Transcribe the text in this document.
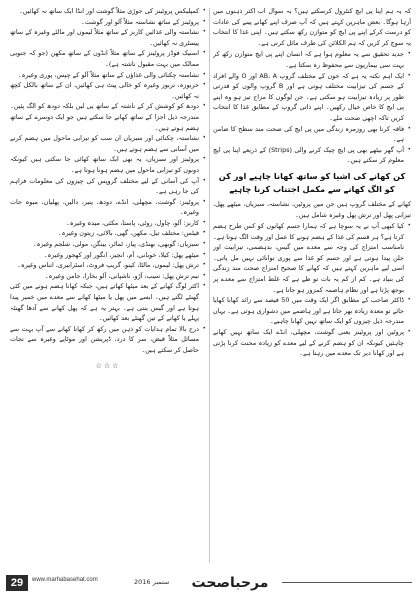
کہ یہ ہم اپنا پی ایچ کنٹرول کرسکتے ہیں؟ یہ سوال اب اکثر ذہنوں میں آرہا ہوگا۔ بعض ماہرین کہتے ہیں کہ آپ صرف اپنے کھانے پینے کی عادات کو درست کرکے اپنے پی ایچ کو متوازن رکھ سکتے ہیں۔ اپنی غذا کا انتخاب یہ سوچ کر کریں کہ ہم الکلائن کی طرف مائل کرتی ہے۔

• جدید تحقیق سے یہ معلوم ہوا ہے کہ انسان اپنے پی ایچ متوازن رکھ کر بہت سی بیماریوں سے محفوظ رہ سکتا ہے۔

• ایک اہم نکتہ یہ ہے کہ خون کے مختلف گروپ AB، A اور O والے افراد کے جسم کی تیزابیت مختلف ہوتی ہے اور B گروپ والوں کو قدرتی طور پر زیادہ تیزابیت ہو سکتی ہے۔ جن لوگوں کا مزاج تیز ہو وہ اپنے پی ایچ کا خاص خیال رکھیں۔ اپنے ذاتی گروپ کے مطابق غذا کا انتخاب کریں تاکہ اچھی صحت ملے۔

• فاقہ کرنا بھی روزمرہ زندگی میں پی ایچ کی صحت مند سطح کا ضامن ہے۔

• آپ گھر بیٹھے بھی پی ایچ چیک کرنے والی (Strips) کے ذریعے اپنا پی ایچ معلوم کر سکتے ہیں۔

کن کھانے کی اشیا کو ساتھ کھانا چاہیے اور کن کو الگ کھانے سے مکمل اجتناب کرنا چاہیے

کھانے کے مختلف گروپ ہیں جن میں پروٹین، نشاستہ، سبزیاں، میٹھے پھل، تیزابی پھل اور ترش پھل وغیرہ شامل ہیں۔

• کیا کبھی آپ نے یہ سوچا ہے کہ ہمارا جسم کھانوں کو کس طرح ہضم کرتا ہے؟ ہر قسم کی غذا کے ہضم ہونے کا عمل اور وقت الگ ہوتا ہے۔ نامناسب امتزاج کی وجہ سے معدے میں گیس، بدہضمی، تیزابیت اور جلن پیدا ہوتی ہے اور جسم کو غذا سے پوری توانائی نہیں مل پاتی۔ اسی لیے ماہرین کہتے ہیں کہ کھانے کا صحیح امتزاج صحت مند زندگی کی بنیاد ہے۔ کم از کم یہ بات تو طے ہے کہ غلط امتزاج سے معدے پر بوجھ پڑتا ہے اور نظام ہاضمہ کمزور ہو جاتا ہے۔

• ڈاکٹر صاحب کے مطابق اگر ایک وقت میں 50 فیصد سے زائد کھانا کھایا جائے تو معدہ زیادہ بھر جاتا ہے اور ہاضمے میں دشواری ہوتی ہے۔ یہاں مندرجہ ذیل چیزوں کو ایک ساتھ نہیں کھانا چاہیے۔

• پروٹین اور پروٹینز یعنی گوشت، مچھلی، انڈے ایک ساتھ نہیں کھانے چاہئیں کیونکہ ان کو ہضم کرنے کے لیے معدے کو زیادہ محنت کرنا پڑتی ہے اور کھانا دیر تک معدے میں رہتا ہے۔

• کمپلیکس پروٹینز کی جوڑی مثلاً گوشت اور انڈا ایک ساتھ نہ کھائیں۔

• پروٹینز کے ساتھ نشاستہ مثلاً آلو اور گوشت۔

• نشاستہ والی غذائیں کاربز کے ساتھ مثلاً لیموں اور مالٹے وغیرہ کے ساتھ پیسٹری نہ کھائیں۔

• اسنیک فوڈز پروٹینز کے ساتھ مثلاً انڈوں کے ساتھ مکھن (جو کہ جنوبی ممالک میں بہت مقبول ناشتہ ہے)۔

• نشاستہ چکنائی والی غذاؤں کے ساتھ مثلاً آلو کے چپس، پوری وغیرہ۔

• خربوزہ، تربوز وغیرہ کو خالی پیٹ ہی کھائیں، ان کے ساتھ بالکل کچھ نہ کھائیں۔

• دودھ کو کوشش کر کے ناشتہ کے ساتھ پی لیں بلکہ دودھ کو الگ پئیں۔ مندرجہ ذیل اجزا کے ساتھ کھانے جا سکتے ہیں جو ایک دوسرے کے ساتھ ہضم ہوتے ہیں۔

• نشاستہ، چکنائی اور سبزیاں ان سب کو تیزابی ماحول میں ہضم کرنے میں آسانی سے ہضم ہوتے ہیں۔

• پروٹینز اور سبزیاں، یہ بھی ایک ساتھ کھائی جا سکتی ہیں کیونکہ دونوں کو تیزابی ماحول میں ہضم ہونا ہوتا ہے۔

• آپ کی آسانی کے لیے مختلف گروپس کی چیزوں کی معلومات فراہم کی جا رہی ہے۔

• پروٹینز: گوشت، مچھلی، انڈے، دودھ، پنیر، دالیں، پھلیاں، میوہ جات وغیرہ۔

• کاربز: آلو، چاول، روٹی، پاستا، مکئی، میدہ وغیرہ۔

• فیٹس: مختلف تیل، مکھن، گھی، بالائی، زیتون وغیرہ۔

• سبزیاں: گوبھی، بھنڈی، پیاز، ٹماٹر، بینگن، مولی، شلجم وغیرہ۔

• میٹھے پھل: کیلا، خوبانی، آم، انجیر، انگور اور کھجور وغیرہ۔

• ترش پھل: لیموں، مالٹا، کینو، گریپ فروٹ، اسٹرابیری، انناس وغیرہ۔

• نیم ترش پھل: سیب، آڑو، ناشپاتی، آلو بخارا، جامن وغیرہ۔

• اکثر لوگ کھانے کے بعد میٹھا کھاتے ہیں، جبکہ کھانا ہضم ہونے میں کئی گھنٹے لگتے ہیں۔ ایسے میں پھل یا میٹھا کھانے سے معدے میں خمیر پیدا ہوتا ہے اور گیس بنتی ہے۔ بہتر یہ ہے کہ پھل کھانے سے آدھا گھنٹہ پہلے یا کھانے کے تین گھنٹے بعد کھائیں۔

• درج بالا تمام ہدایات کو ذہن میں رکھ کر کھانا کھانے سے آپ بہت سے مسائل مثلاً قبض، سر کا درد، ڈپریشن اور موٹاپے وغیرہ سے نجات حاصل کر سکتے ہیں۔

☆☆☆
29	www.marhabasehat.com	ستمبر 2016	مرحباصحت
